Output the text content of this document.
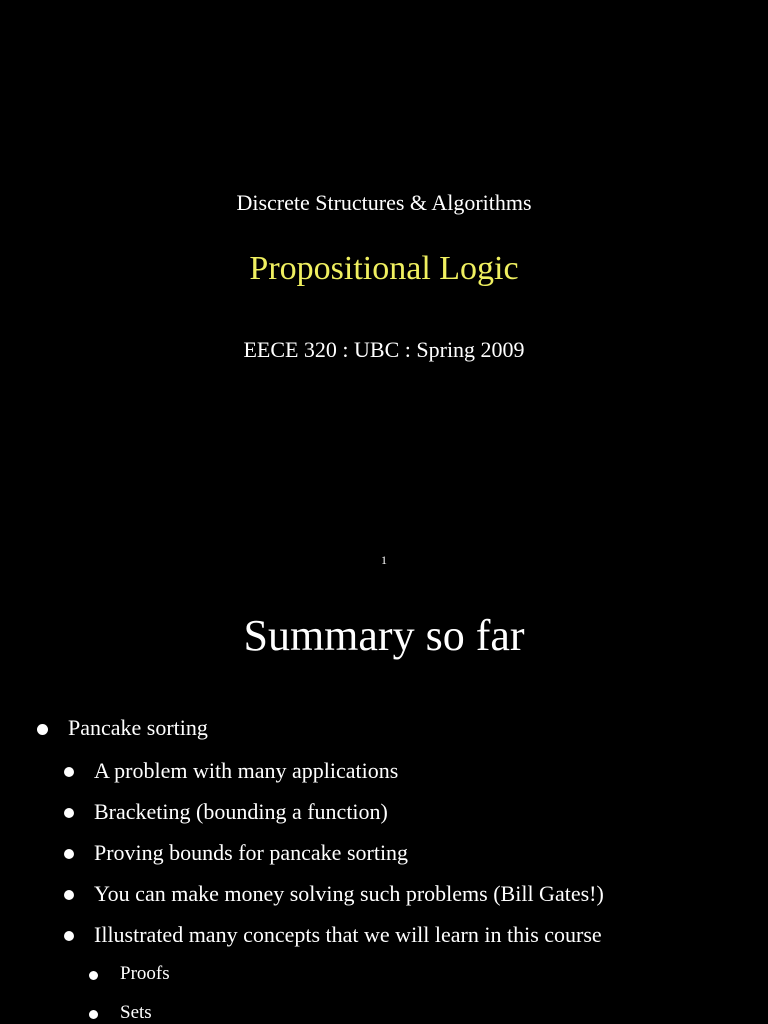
Discrete Structures & Algorithms
Propositional Logic
EECE 320 : UBC : Spring 2009
1
Summary so far
Pancake sorting
A problem with many applications
Bracketing (bounding a function)
Proving bounds for pancake sorting
You can make money solving such problems (Bill Gates!)
Illustrated many concepts that we will learn in this course
Proofs
Sets
